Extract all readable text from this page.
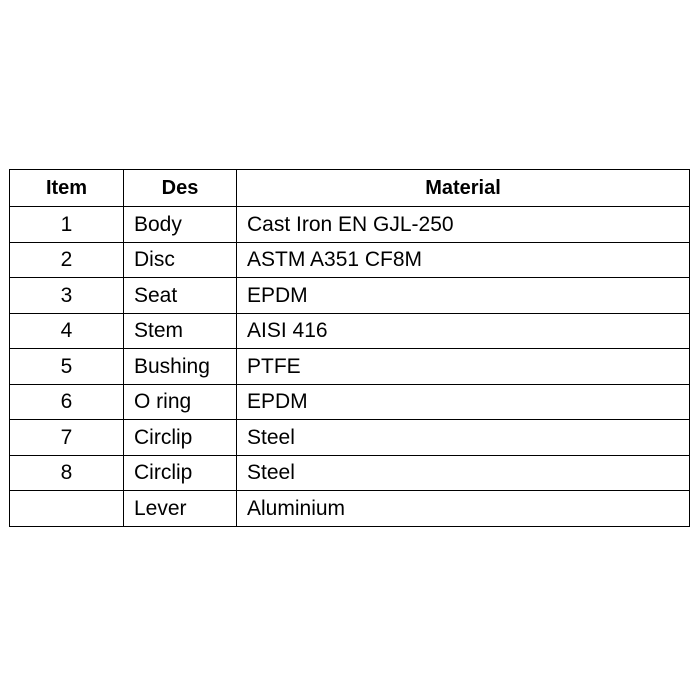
Item	Des	Material
1	Body	Cast Iron EN GJL-250
2	Disc	ASTM A351 CF8M
3	Seat	EPDM
4	Stem	AISI 416
5	Bushing	PTFE
6	O ring	EPDM
7	Circlip	Steel
8	Circlip	Steel
	Lever	Aluminium
